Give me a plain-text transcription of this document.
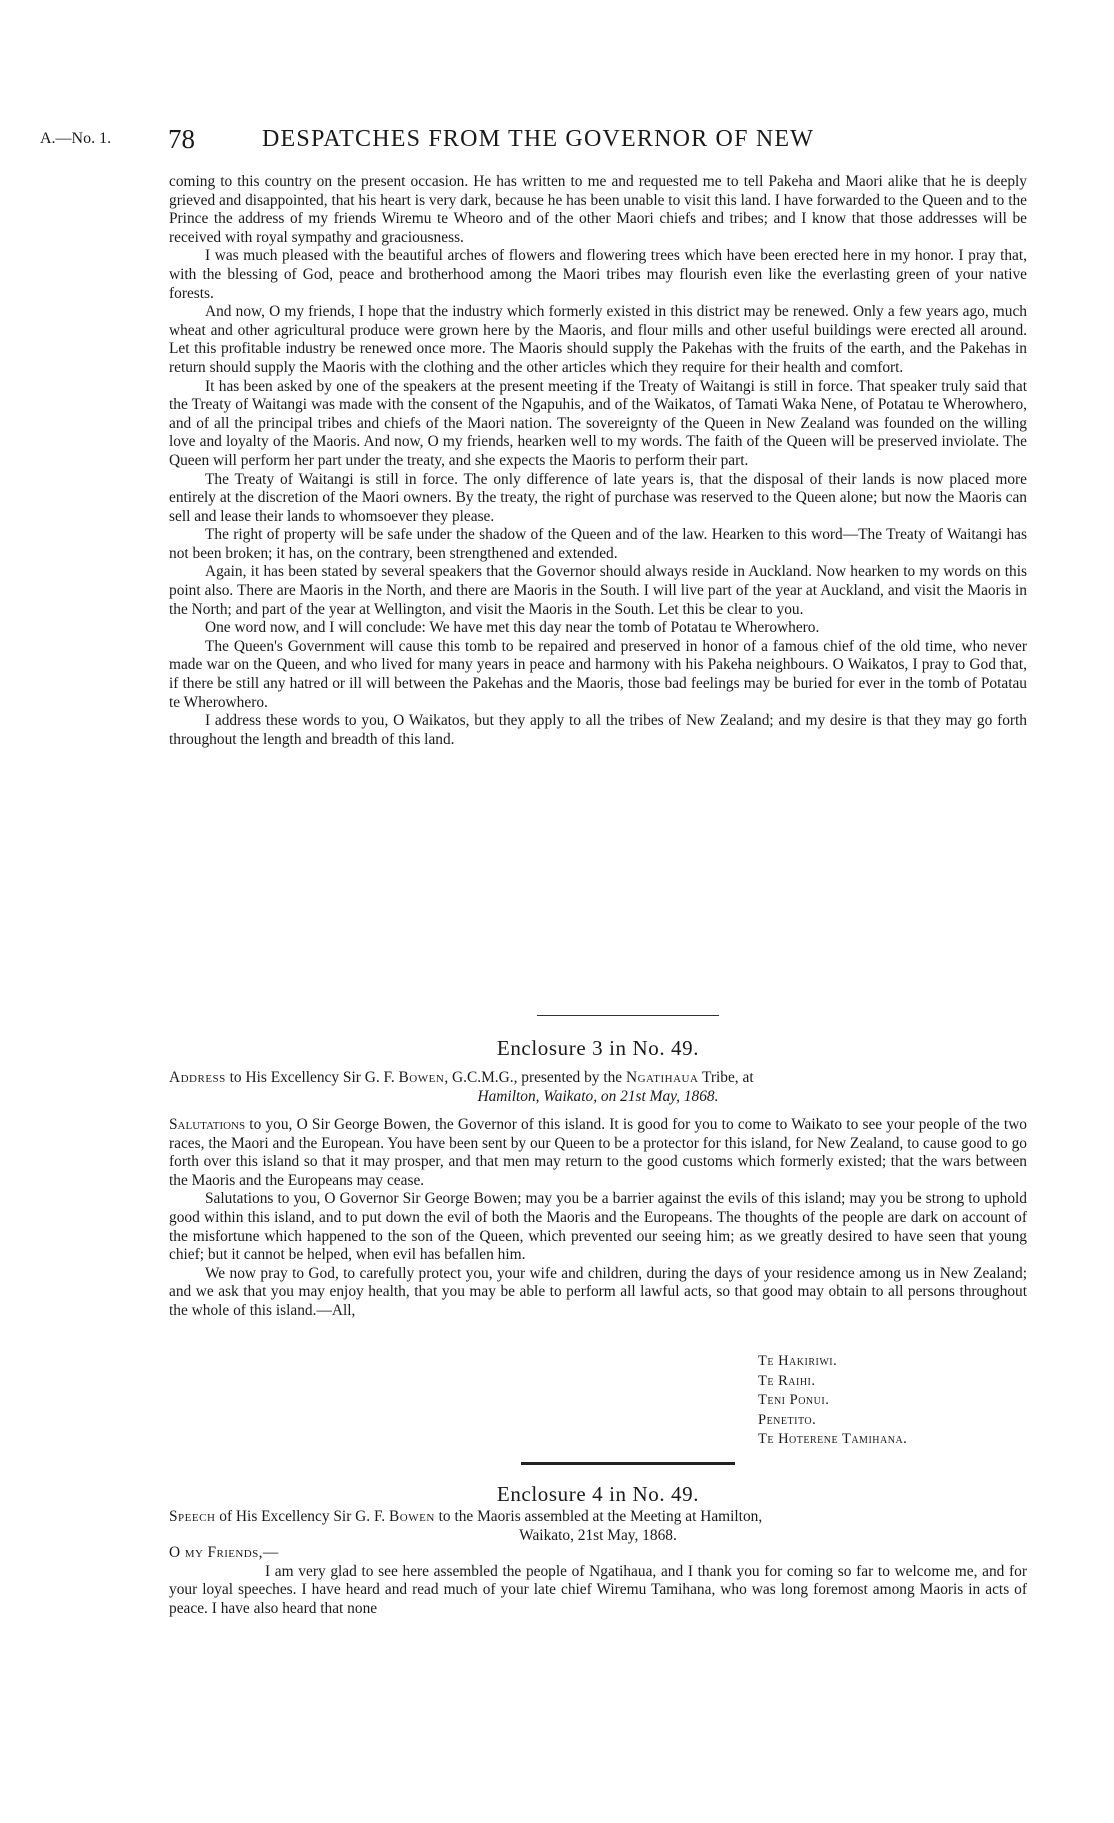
A.—No. 1. 78	DESPATCHES FROM THE GOVERNOR OF NEW

coming to this country on the present occasion. He has written to me and requested me to tell Pakeha and Maori alike that he is deeply grieved and disappointed, that his heart is very dark, because he has been unable to visit this land. I have forwarded to the Queen and to the Prince the address of my friends Wiremu te Wheoro and of the other Maori chiefs and tribes; and I know that those addresses will be received with royal sympathy and graciousness.

I was much pleased with the beautiful arches of flowers and flowering trees which have been erected here in my honor. I pray that, with the blessing of God, peace and brotherhood among the Maori tribes may flourish even like the everlasting green of your native forests.

And now, O my friends, I hope that the industry which formerly existed in this district may be renewed. Only a few years ago, much wheat and other agricultural produce were grown here by the Maoris, and flour mills and other useful buildings were erected all around. Let this profitable industry be renewed once more. The Maoris should supply the Pakehas with the fruits of the earth, and the Pakehas in return should supply the Maoris with the clothing and the other articles which they require for their health and comfort.

It has been asked by one of the speakers at the present meeting if the Treaty of Waitangi is still in force. That speaker truly said that the Treaty of Waitangi was made with the consent of the Ngapuhis, and of the Waikatos, of Tamati Waka Nene, of Potatau te Wherowhero, and of all the principal tribes and chiefs of the Maori nation. The sovereignty of the Queen in New Zealand was founded on the willing love and loyalty of the Maoris. And now, O my friends, hearken well to my words. The faith of the Queen will be preserved inviolate. The Queen will perform her part under the treaty, and she expects the Maoris to perform their part.

The Treaty of Waitangi is still in force. The only difference of late years is, that the disposal of their lands is now placed more entirely at the discretion of the Maori owners. By the treaty, the right of purchase was reserved to the Queen alone; but now the Maoris can sell and lease their lands to whomsoever they please.

The right of property will be safe under the shadow of the Queen and of the law. Hearken to this word—The Treaty of Waitangi has not been broken; it has, on the contrary, been strengthened and extended.

Again, it has been stated by several speakers that the Governor should always reside in Auckland. Now hearken to my words on this point also. There are Maoris in the North, and there are Maoris in the South. I will live part of the year at Auckland, and visit the Maoris in the North; and part of the year at Wellington, and visit the Maoris in the South. Let this be clear to you.

One word now, and I will conclude: We have met this day near the tomb of Potatau te Wherowhero.

The Queen's Government will cause this tomb to be repaired and preserved in honor of a famous chief of the old time, who never made war on the Queen, and who lived for many years in peace and harmony with his Pakeha neighbours. O Waikatos, I pray to God that, if there be still any hatred or ill will between the Pakehas and the Maoris, those bad feelings may be buried for ever in the tomb of Potatau te Wherowhero.

I address these words to you, O Waikatos, but they apply to all the tribes of New Zealand; and my desire is that they may go forth throughout the length and breadth of this land.

Enclosure 3 in No. 49.
Address to His Excellency Sir G. F. Bowen, G.C.M.G., presented by the Ngatihaua Tribe, at
Hamilton, Waikato, on 21st May, 1868.

Salutations to you, O Sir George Bowen, the Governor of this island. It is good for you to come to Waikato to see your people of the two races, the Maori and the European. You have been sent by our Queen to be a protector for this island, for New Zealand, to cause good to go forth over this island so that it may prosper, and that men may return to the good customs which formerly existed; that the wars between the Maoris and the Europeans may cease.

Salutations to you, O Governor Sir George Bowen; may you be a barrier against the evils of this island; may you be strong to uphold good within this island, and to put down the evil of both the Maoris and the Europeans. The thoughts of the people are dark on account of the misfortune which happened to the son of the Queen, which prevented our seeing him; as we greatly desired to have seen that young chief; but it cannot be helped, when evil has befallen him.

We now pray to God, to carefully protect you, your wife and children, during the days of your residence among us in New Zealand; and we ask that you may enjoy health, that you may be able to perform all lawful acts, so that good may obtain to all persons throughout the whole of this island.—All,

Te Hakiriwi.
Te Raihi.
Teni Ponui.
Penetito.
Te Hoterene Tamihana.
Enclosure 4 in No. 49.
Speech of His Excellency Sir G. F. Bowen to the Maoris assembled at the Meeting at Hamilton,
Waikato, 21st May, 1868.
O my Friends,—

I am very glad to see here assembled the people of Ngatihaua, and I thank you for coming so far to welcome me, and for your loyal speeches. I have heard and read much of your late chief Wiremu Tamihana, who was long foremost among Maoris in acts of peace. I have also heard that none
